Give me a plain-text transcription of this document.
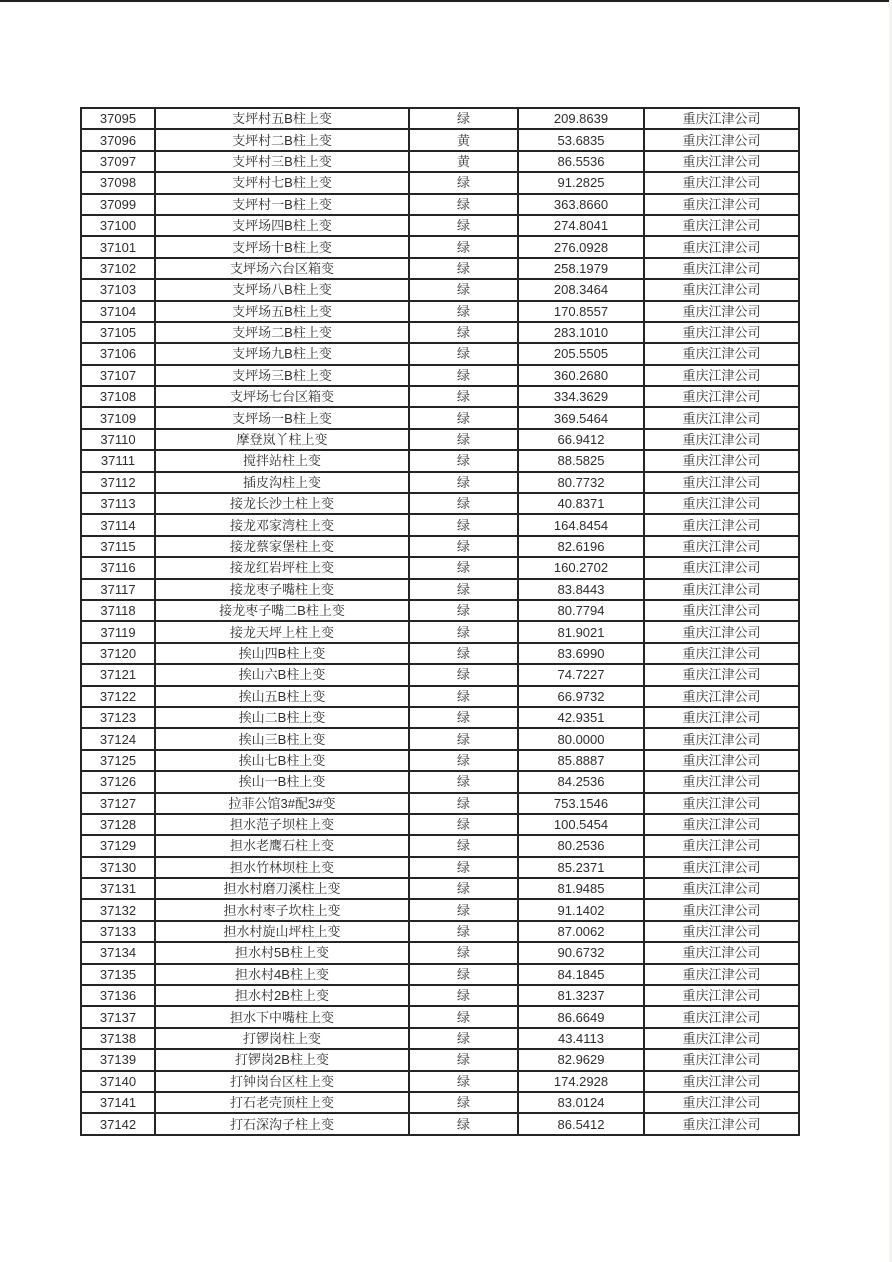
37095	支坪村五B柱上变	绿	209.8639	重庆江津公司
37096	支坪村二B柱上变	黄	53.6835	重庆江津公司
37097	支坪村三B柱上变	黄	86.5536	重庆江津公司
37098	支坪村七B柱上变	绿	91.2825	重庆江津公司
37099	支坪村一B柱上变	绿	363.8660	重庆江津公司
37100	支坪场四B柱上变	绿	274.8041	重庆江津公司
37101	支坪场十B柱上变	绿	276.0928	重庆江津公司
37102	支坪场六台区箱变	绿	258.1979	重庆江津公司
37103	支坪场八B柱上变	绿	208.3464	重庆江津公司
37104	支坪场五B柱上变	绿	170.8557	重庆江津公司
37105	支坪场二B柱上变	绿	283.1010	重庆江津公司
37106	支坪场九B柱上变	绿	205.5505	重庆江津公司
37107	支坪场三B柱上变	绿	360.2680	重庆江津公司
37108	支坪场七台区箱变	绿	334.3629	重庆江津公司
37109	支坪场一B柱上变	绿	369.5464	重庆江津公司
37110	摩登岚丫柱上变	绿	66.9412	重庆江津公司
37111	搅拌站柱上变	绿	88.5825	重庆江津公司
37112	插皮沟柱上变	绿	80.7732	重庆江津公司
37113	接龙长沙土柱上变	绿	40.8371	重庆江津公司
37114	接龙邓家湾柱上变	绿	164.8454	重庆江津公司
37115	接龙蔡家堡柱上变	绿	82.6196	重庆江津公司
37116	接龙红岩坪柱上变	绿	160.2702	重庆江津公司
37117	接龙枣子嘴柱上变	绿	83.8443	重庆江津公司
37118	接龙枣子嘴二B柱上变	绿	80.7794	重庆江津公司
37119	接龙天坪上柱上变	绿	81.9021	重庆江津公司
37120	挨山四B柱上变	绿	83.6990	重庆江津公司
37121	挨山六B柱上变	绿	74.7227	重庆江津公司
37122	挨山五B柱上变	绿	66.9732	重庆江津公司
37123	挨山二B柱上变	绿	42.9351	重庆江津公司
37124	挨山三B柱上变	绿	80.0000	重庆江津公司
37125	挨山七B柱上变	绿	85.8887	重庆江津公司
37126	挨山一B柱上变	绿	84.2536	重庆江津公司
37127	拉菲公馆3#配3#变	绿	753.1546	重庆江津公司
37128	担水范子坝柱上变	绿	100.5454	重庆江津公司
37129	担水老鹰石柱上变	绿	80.2536	重庆江津公司
37130	担水竹林坝柱上变	绿	85.2371	重庆江津公司
37131	担水村磨刀溪柱上变	绿	81.9485	重庆江津公司
37132	担水村枣子坎柱上变	绿	91.1402	重庆江津公司
37133	担水村旋山坪柱上变	绿	87.0062	重庆江津公司
37134	担水村5B柱上变	绿	90.6732	重庆江津公司
37135	担水村4B柱上变	绿	84.1845	重庆江津公司
37136	担水村2B柱上变	绿	81.3237	重庆江津公司
37137	担水下中嘴柱上变	绿	86.6649	重庆江津公司
37138	打锣岗柱上变	绿	43.4113	重庆江津公司
37139	打锣岗2B柱上变	绿	82.9629	重庆江津公司
37140	打钟岗台区柱上变	绿	174.2928	重庆江津公司
37141	打石老壳顶柱上变	绿	83.0124	重庆江津公司
37142	打石深沟子柱上变	绿	86.5412	重庆江津公司
